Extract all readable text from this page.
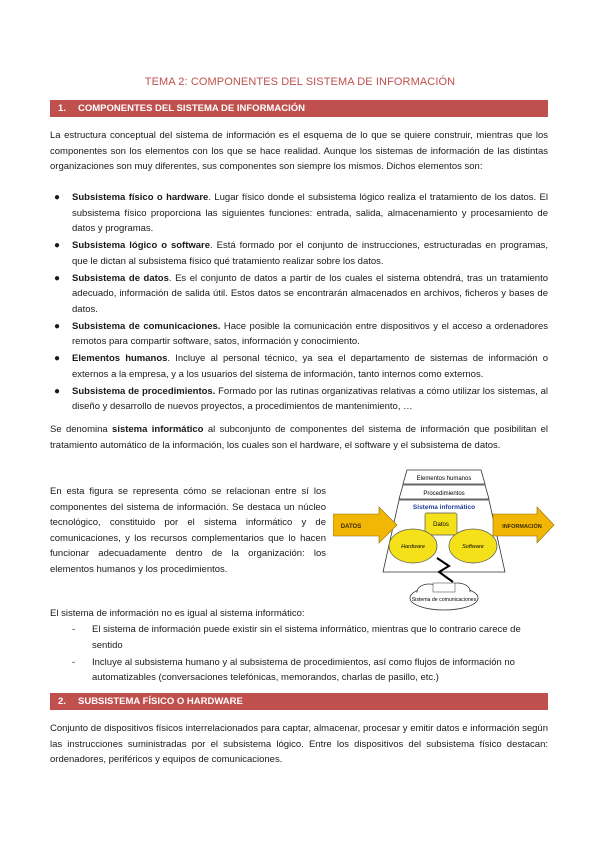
TEMA 2: COMPONENTES DEL SISTEMA DE INFORMACIÓN
1. COMPONENTES DEL SISTEMA DE INFORMACIÓN

La estructura conceptual del sistema de información es el esquema de lo que se quiere construir, mientras que los componentes son los elementos con los que se hace realidad. Aunque los sistemas de información de las distintas organizaciones son muy diferentes, sus componentes son siempre los mismos. Dichos elementos son:

● Subsistema físico o hardware. Lugar físico donde el subsistema lógico realiza el tratamiento de los datos. El subsistema físico proporciona las siguientes funciones: entrada, salida, almacenamiento y procesamiento de datos y programas.
● Subsistema lógico o software. Está formado por el conjunto de instrucciones, estructuradas en programas, que le dictan al subsistema físico qué tratamiento realizar sobre los datos.
● Subsistema de datos. Es el conjunto de datos a partir de los cuales el sistema obtendrá, tras un tratamiento adecuado, información de salida útil. Estos datos se encontrarán almacenados en archivos, ficheros y bases de datos.
● Subsistema de comunicaciones. Hace posible la comunicación entre dispositivos y el acceso a ordenadores remotos para compartir software, satos, información y conocimiento.
● Elementos humanos. Incluye al personal técnico, ya sea el departamento de sistemas de información o externos a la empresa, y a los usuarios del sistema de información, tanto internos como externos.
● Subsistema de procedimientos. Formado por las rutinas organizativas relativas a cómo utilizar los sistemas, al diseño y desarrollo de nuevos proyectos, a procedimientos de mantenimiento, …

Se denomina sistema informático al subconjunto de componentes del sistema de información que posibilitan el tratamiento automático de la información, los cuales son el hardware, el software y el subsistema de datos.

En esta figura se representa cómo se relacionan entre sí los componentes del sistema de información. Se destaca un núcleo tecnológico, constituido por el sistema informático y de comunicaciones, y los recursos complementarios que lo hacen funcionar adecuadamente dentro de la organización: los elementos humanos y los procedimientos.

Elementos humanos
Procedimientos
Sistema informático
DATOS	INFORMACIÓN
Datos
Hardware	Software
Sistema de comunicaciones

El sistema de información no es igual al sistema informático:

- El sistema de información puede existir sin el sistema informático, mientras que lo contrario carece de sentido
- Incluye al subsistema humano y al subsistema de procedimientos, así como flujos de información no automatizables (conversaciones telefónicas, memorandos, charlas de pasillo, etc.)
2. SUBSISTEMA FÍSICO O HARDWARE

Conjunto de dispositivos físicos interrelacionados para captar, almacenar, procesar y emitir datos e información según las instrucciones suministradas por el subsistema lógico. Entre los dispositivos del subsistema físico destacan: ordenadores, periféricos y equipos de comunicaciones.
